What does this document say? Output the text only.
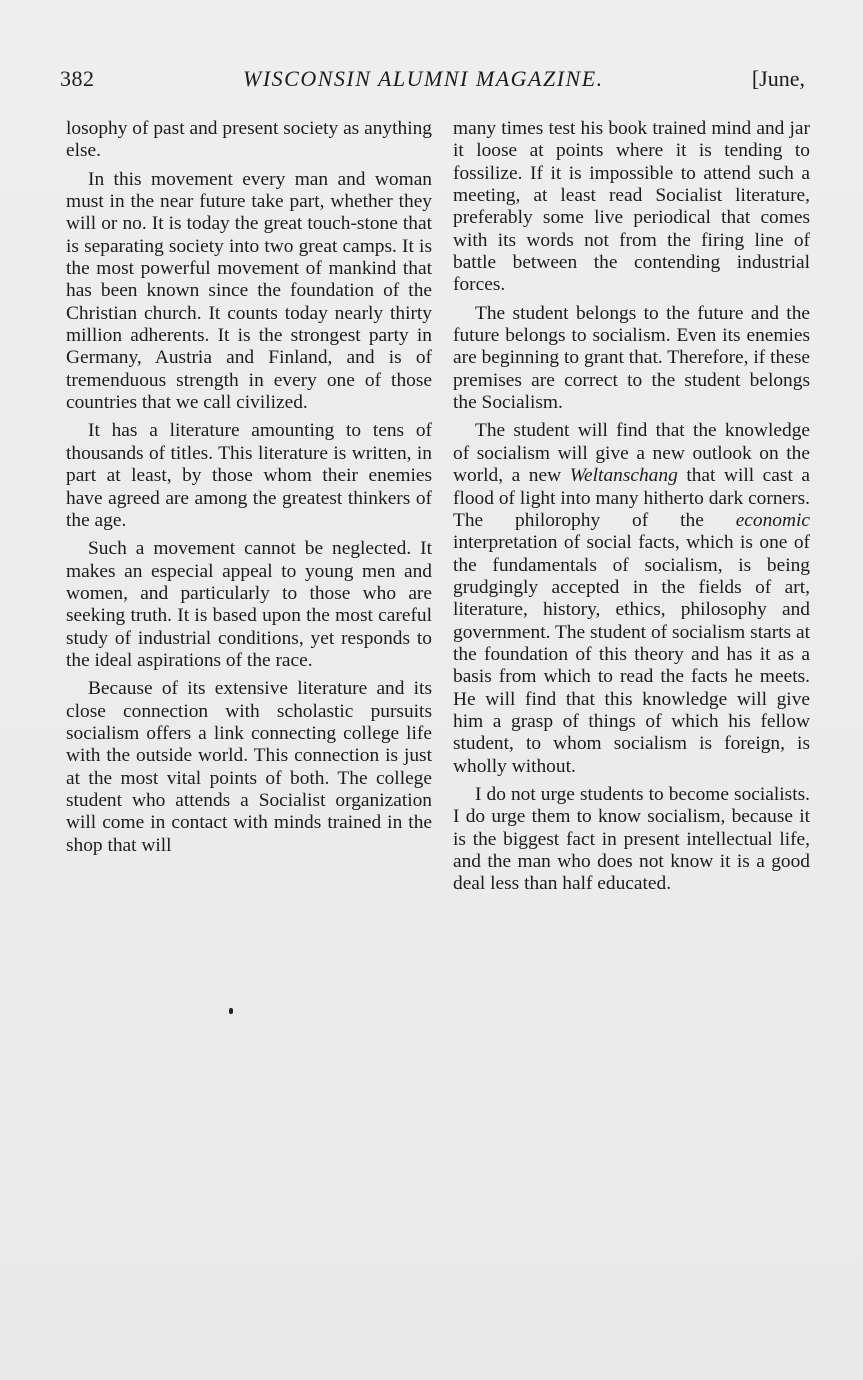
382	WISCONSIN ALUMNI MAGAZINE.	[June,

losophy of past and present society as anything else.

In this movement every man and woman must in the near future take part, whether they will or no. It is today the great touch-stone that is separating society into two great camps. It is the most powerful movement of mankind that has been known since the foundation of the Christian church. It counts today nearly thirty million adherents. It is the strongest party in Germany, Austria and Finland, and is of tremenduous strength in every one of those countries that we call civilized.

It has a literature amounting to tens of thousands of titles. This literature is written, in part at least, by those whom their enemies have agreed are among the greatest thinkers of the age.

Such a movement cannot be neglected. It makes an especial appeal to young men and women, and particularly to those who are seeking truth. It is based upon the most careful study of industrial conditions, yet responds to the ideal aspirations of the race.

Because of its extensive literature and its close connection with scholastic pursuits socialism offers a link connecting college life with the outside world. This connection is just at the most vital points of both. The college student who attends a Socialist organization will come in contact with minds trained in the shop that will

many times test his book trained mind and jar it loose at points where it is tending to fossilize. If it is impossible to attend such a meeting, at least read Socialist literature, preferably some live periodical that comes with its words not from the firing line of battle between the contending industrial forces.

The student belongs to the future and the future belongs to socialism. Even its enemies are beginning to grant that. Therefore, if these premises are correct to the student belongs the Socialism.

The student will find that the knowledge of socialism will give a new outlook on the world, a new Weltanschang that will cast a flood of light into many hitherto dark corners. The philorophy of the economic interpretation of social facts, which is one of the fundamentals of socialism, is being grudgingly accepted in the fields of art, literature, history, ethics, philosophy and government. The student of socialism starts at the foundation of this theory and has it as a basis from which to read the facts he meets. He will find that this knowledge will give him a grasp of things of which his fellow student, to whom socialism is foreign, is wholly without.

I do not urge students to become socialists. I do urge them to know socialism, because it is the biggest fact in present intellectual life, and the man who does not know it is a good deal less than half educated.
